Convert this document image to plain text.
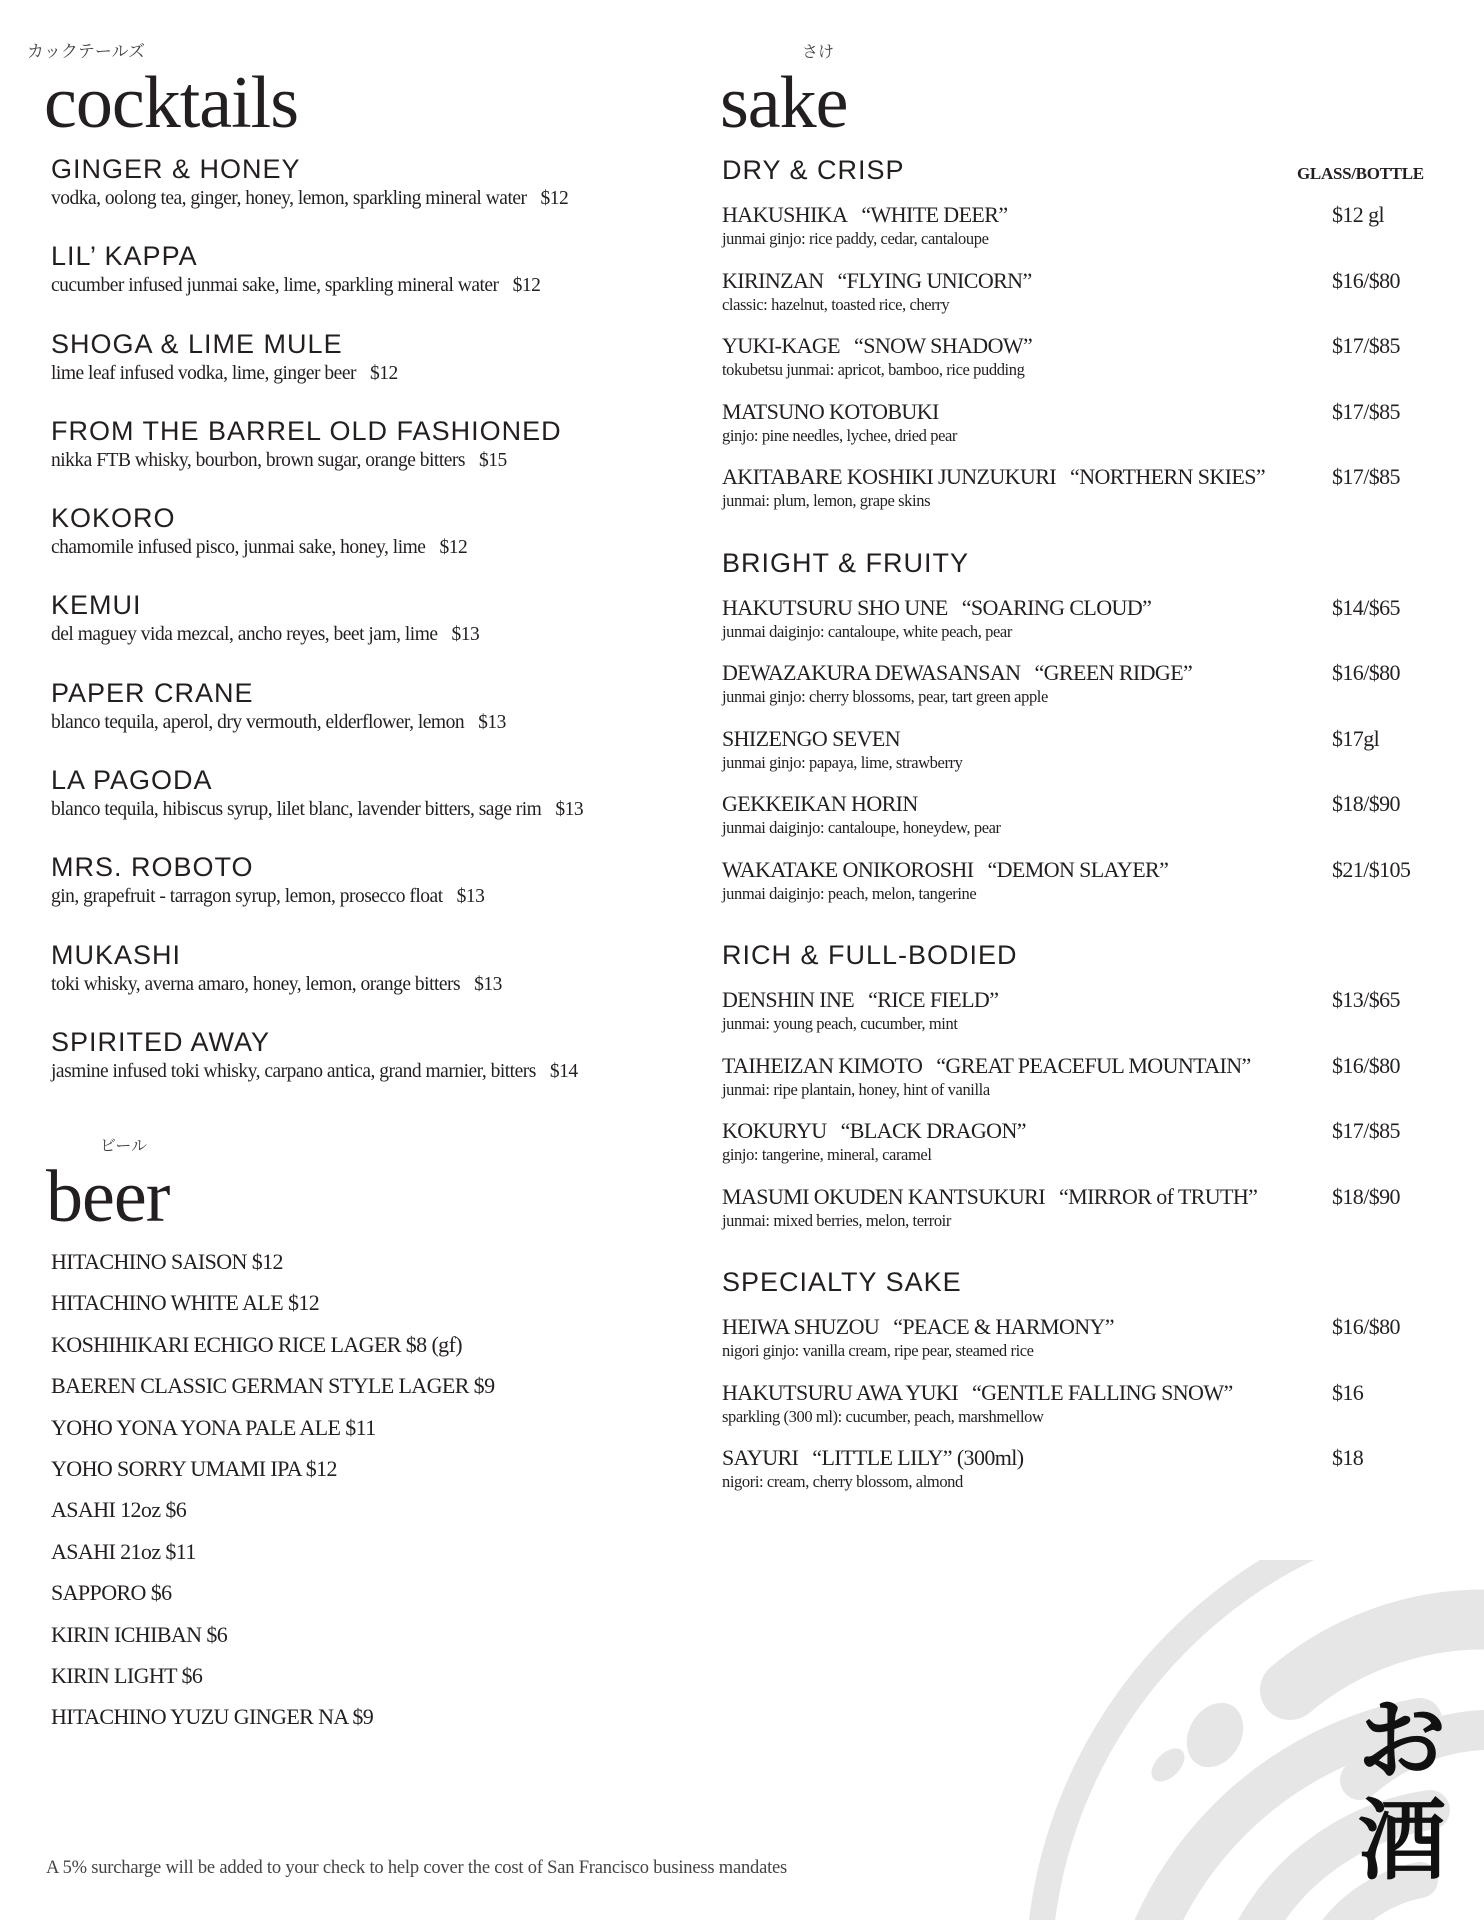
カックテールズ
cocktails
GINGER & HONEY
vodka, oolong tea, ginger, honey, lemon, sparkling mineral water $12
LIL’ KAPPA
cucumber infused junmai sake, lime, sparkling mineral water $12
SHOGA & LIME MULE
lime leaf infused vodka, lime, ginger beer $12
FROM THE BARREL OLD FASHIONED
nikka FTB whisky, bourbon, brown sugar, orange bitters $15
KOKORO
chamomile infused pisco, junmai sake, honey, lime $12
KEMUI
del maguey vida mezcal, ancho reyes, beet jam, lime $13
PAPER CRANE
blanco tequila, aperol, dry vermouth, elderflower, lemon $13
LA PAGODA
blanco tequila, hibiscus syrup, lilet blanc, lavender bitters, sage rim $13
MRS. ROBOTO
gin, grapefruit - tarragon syrup, lemon, prosecco float $13
MUKASHI
toki whisky, averna amaro, honey, lemon, orange bitters $13
SPIRITED AWAY
jasmine infused toki whisky, carpano antica, grand marnier, bitters $14
ビール
beer
HITACHINO SAISON $12
HITACHINO WHITE ALE $12
KOSHIHIKARI ECHIGO RICE LAGER $8 (gf)
BAEREN CLASSIC GERMAN STYLE LAGER $9
YOHO YONA YONA PALE ALE $11
YOHO SORRY UMAMI IPA $12
ASAHI 12oz $6
ASAHI 21oz $11
SAPPORO $6
KIRIN ICHIBAN $6
KIRIN LIGHT $6
HITACHINO YUZU GINGER NA $9
さけ
sake
DRY & CRISP	GLASS/BOTTLE
HAKUSHIKA “WHITE DEER”
junmai ginjo: rice paddy, cedar, cantaloupe
$12 gl
KIRINZAN “FLYING UNICORN”
classic: hazelnut, toasted rice, cherry
$16/$80
YUKI-KAGE “SNOW SHADOW”
tokubetsu junmai: apricot, bamboo, rice pudding
$17/$85
MATSUNO KOTOBUKI
ginjo: pine needles, lychee, dried pear
$17/$85
AKITABARE KOSHIKI JUNZUKURI “NORTHERN SKIES”
junmai: plum, lemon, grape skins
$17/$85
BRIGHT & FRUITY
HAKUTSURU SHO UNE “SOARING CLOUD”
junmai daiginjo: cantaloupe, white peach, pear
$14/$65
DEWAZAKURA DEWASANSAN “GREEN RIDGE”
junmai ginjo: cherry blossoms, pear, tart green apple
$16/$80
SHIZENGO SEVEN
junmai ginjo: papaya, lime, strawberry
$17gl
GEKKEIKAN HORIN
junmai daiginjo: cantaloupe, honeydew, pear
$18/$90
WAKATAKE ONIKOROSHI “DEMON SLAYER”
junmai daiginjo: peach, melon, tangerine
$21/$105
RICH & FULL-BODIED
DENSHIN INE “RICE FIELD”
junmai: young peach, cucumber, mint
$13/$65
TAIHEIZAN KIMOTO “GREAT PEACEFUL MOUNTAIN”
junmai: ripe plantain, honey, hint of vanilla
$16/$80
KOKURYU “BLACK DRAGON”
ginjo: tangerine, mineral, caramel
$17/$85
MASUMI OKUDEN KANTSUKURI “MIRROR of TRUTH”
junmai: mixed berries, melon, terroir
$18/$90
SPECIALTY SAKE
HEIWA SHUZOU “PEACE & HARMONY”
nigori ginjo: vanilla cream, ripe pear, steamed rice
$16/$80
HAKUTSURU AWA YUKI “GENTLE FALLING SNOW”
sparkling (300 ml): cucumber, peach, marshmellow
$16
SAYURI “LITTLE LILY” (300ml)
nigori: cream, cherry blossom, almond
$18
お酒
A 5% surcharge will be added to your check to help cover the cost of San Francisco business mandates
